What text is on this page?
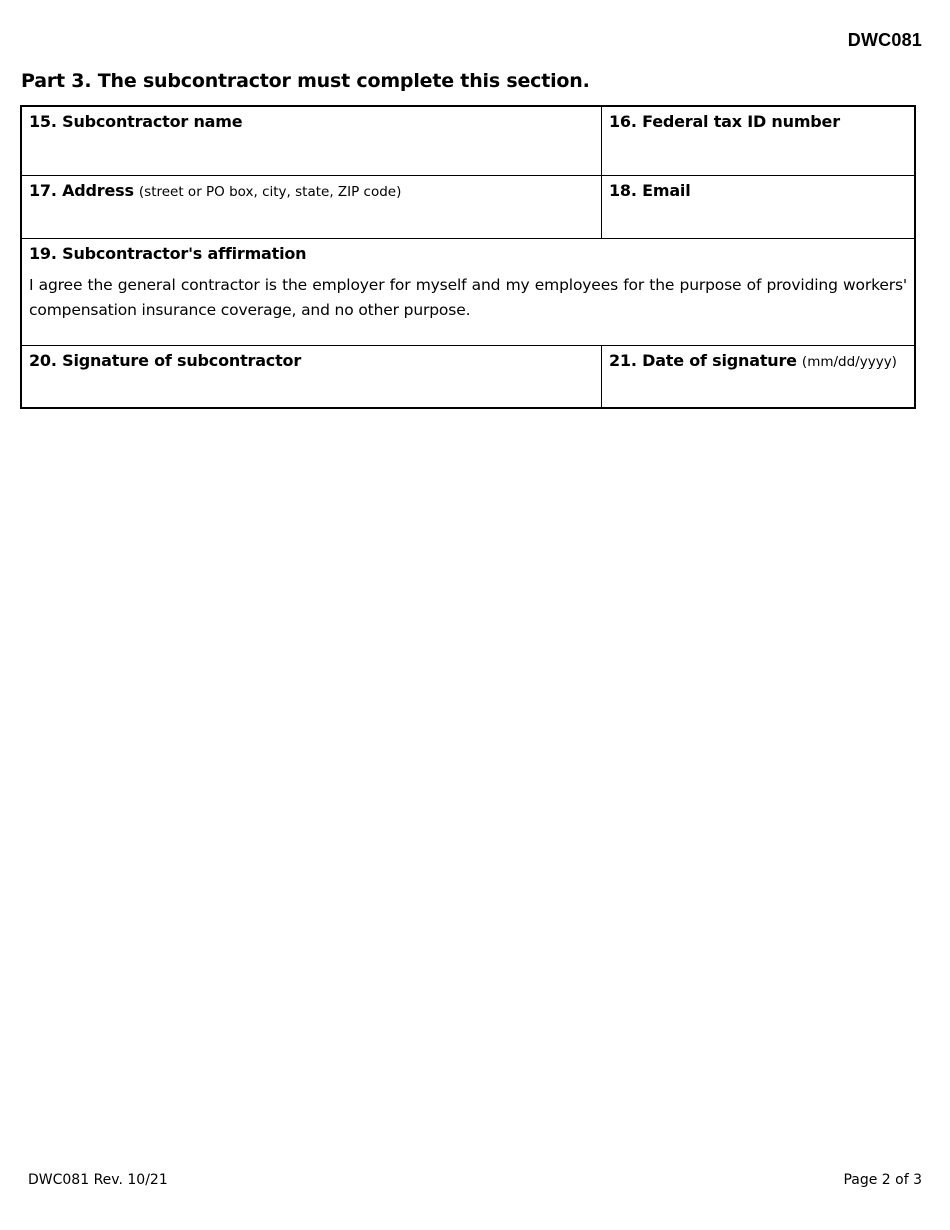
DWC081
Part 3. The subcontractor must complete this section.
15. Subcontractor name	16. Federal tax ID number
17. Address (street or PO box, city, state, ZIP code)	18. Email
19. Subcontractor's affirmation
I agree the general contractor is the employer for myself and my employees for the purpose of providing workers' compensation insurance coverage, and no other purpose.
20. Signature of subcontractor	21. Date of signature (mm/dd/yyyy)
DWC081 Rev. 10/21	Page 2 of 3
